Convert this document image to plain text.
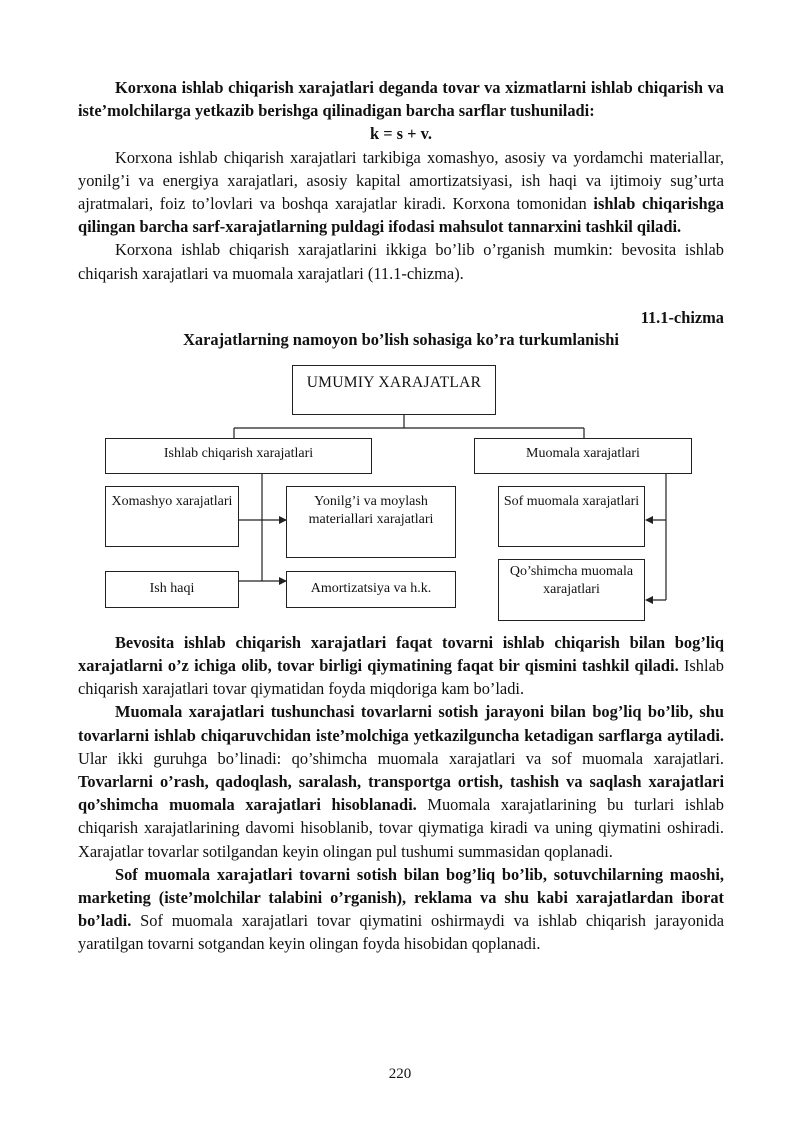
Korxona ishlab chiqarish xarajatlari deganda tovar va xizmatlarni ishlab chiqarish va iste’molchilarga yetkazib berishga qilinadigan barcha sarflar tushuniladi:

k = s + v.

Korxona ishlab chiqarish xarajatlari tarkibiga xomashyo, asosiy va yordamchi materiallar, yonilg’i va energiya xarajatlari, asosiy kapital amortizatsiyasi, ish haqi va ijtimoiy sug’urta ajratmalari, foiz to’lovlari va boshqa xarajatlar kiradi. Korxona tomonidan ishlab chiqarishga qilingan barcha sarf-xarajatlarning puldagi ifodasi mahsulot tannarxini tashkil qiladi.

Korxona ishlab chiqarish xarajatlarini ikkiga bo’lib o’rganish mumkin: bevosita ishlab chiqarish xarajatlari va muomala xarajatlari (11.1-chizma).

11.1-chizma
Xarajatlarning namoyon bo’lish sohasiga ko’ra turkumlanishi
UMUMIY XARAJATLAR
Ishlab chiqarish xarajatlari	Muomala xarajatlari
Xomashyo xarajatlari	Yonilg’i va moylash materiallari xarajatlari
Sof muomala xarajatlari
Ish haqi	Amortizatsiya va h.k.
Qo’shimcha muomala xarajatlari

Bevosita ishlab chiqarish xarajatlari faqat tovarni ishlab chiqarish bilan bog’liq xarajatlarni o’z ichiga olib, tovar birligi qiymatining faqat bir qismini tashkil qiladi. Ishlab chiqarish xarajatlari tovar qiymatidan foyda miqdoriga kam bo’ladi.

Muomala xarajatlari tushunchasi tovarlarni sotish jarayoni bilan bog’liq bo’lib, shu tovarlarni ishlab chiqaruvchidan iste’molchiga yetkazilguncha ketadigan sarflarga aytiladi. Ular ikki guruhga bo’linadi: qo’shimcha muomala xarajatlari va sof muomala xarajatlari. Tovarlarni o’rash, qadoqlash, saralash, transportga ortish, tashish va saqlash xarajatlari qo’shimcha muomala xarajatlari hisoblanadi. Muomala xarajatlarining bu turlari ishlab chiqarish xarajatlarining davomi hisoblanib, tovar qiymatiga kiradi va uning qiymatini oshiradi. Xarajatlar tovarlar sotilgandan keyin olingan pul tushumi summasidan qoplanadi.

Sof muomala xarajatlari tovarni sotish bilan bog’liq bo’lib, sotuvchilarning maoshi, marketing (iste’molchilar talabini o’rganish), reklama va shu kabi xarajatlardan iborat bo’ladi. Sof muomala xarajatlari tovar qiymatini oshirmaydi va ishlab chiqarish jarayonida yaratilgan tovarni sotgandan keyin olingan foyda hisobidan qoplanadi.

220
